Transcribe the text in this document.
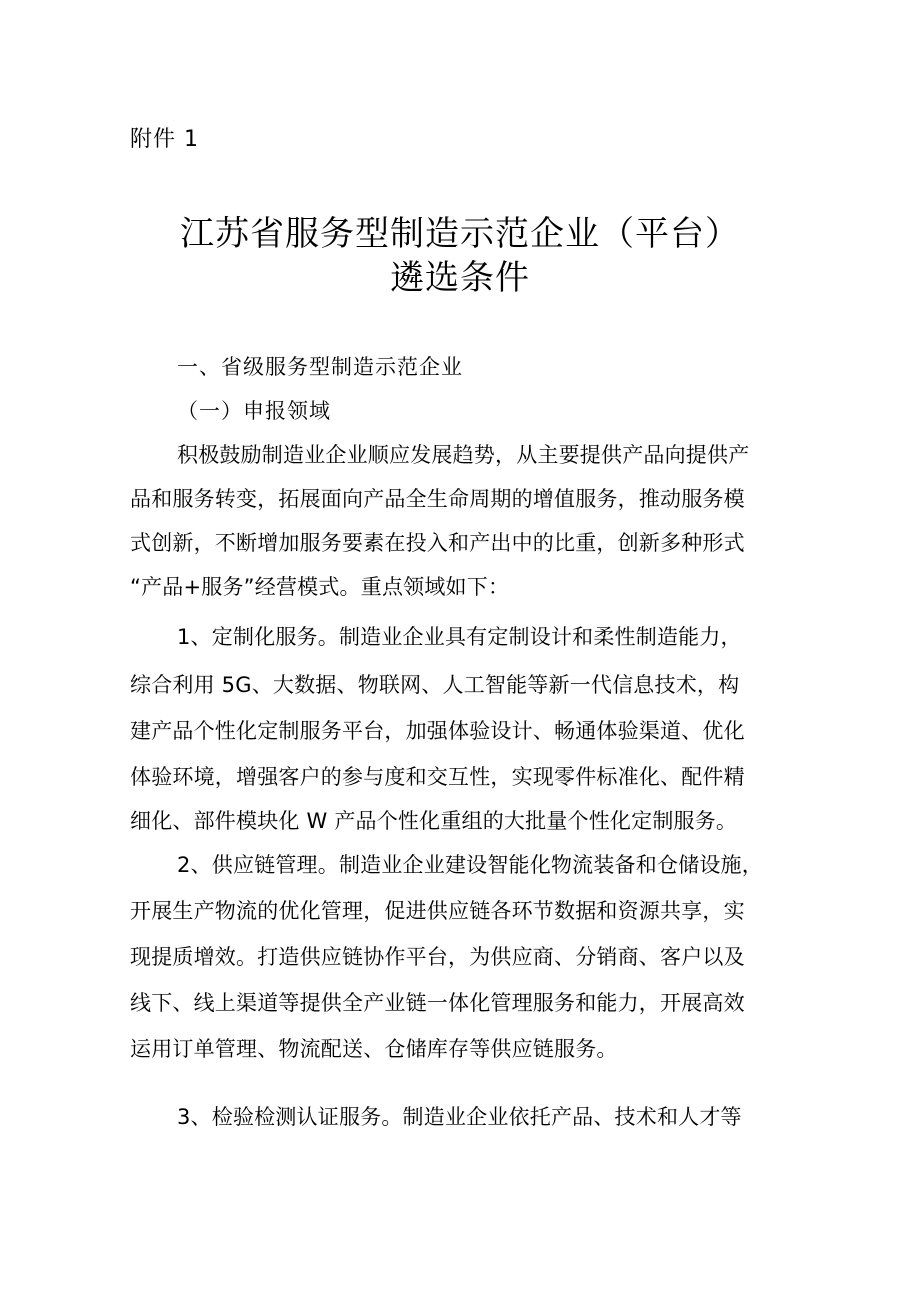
附件 1
江苏省服务型制造示范企业（平台）
遴选条件
一、省级服务型制造示范企业
（一）申报领域
积极鼓励制造业企业顺应发展趋势，从主要提供产品向提供产
品和服务转变，拓展面向产品全生命周期的增值服务，推动服务模
式创新，不断增加服务要素在投入和产出中的比重，创新多种形式
“产品+服务”经营模式。重点领域如下：
1、定制化服务。制造业企业具有定制设计和柔性制造能力，
综合利用 5G、大数据、物联网、人工智能等新一代信息技术，构
建产品个性化定制服务平台，加强体验设计、畅通体验渠道、优化
体验环境，增强客户的参与度和交互性，实现零件标准化、配件精
细化、部件模块化 W 产品个性化重组的大批量个性化定制服务。
2、供应链管理。制造业企业建设智能化物流装备和仓储设施，
开展生产物流的优化管理，促进供应链各环节数据和资源共享，实
现提质增效。打造供应链协作平台，为供应商、分销商、客户以及
线下、线上渠道等提供全产业链一体化管理服务和能力，开展高效
运用订单管理、物流配送、仓储库存等供应链服务。
3、检验检测认证服务。制造业企业依托产品、技术和人才等
